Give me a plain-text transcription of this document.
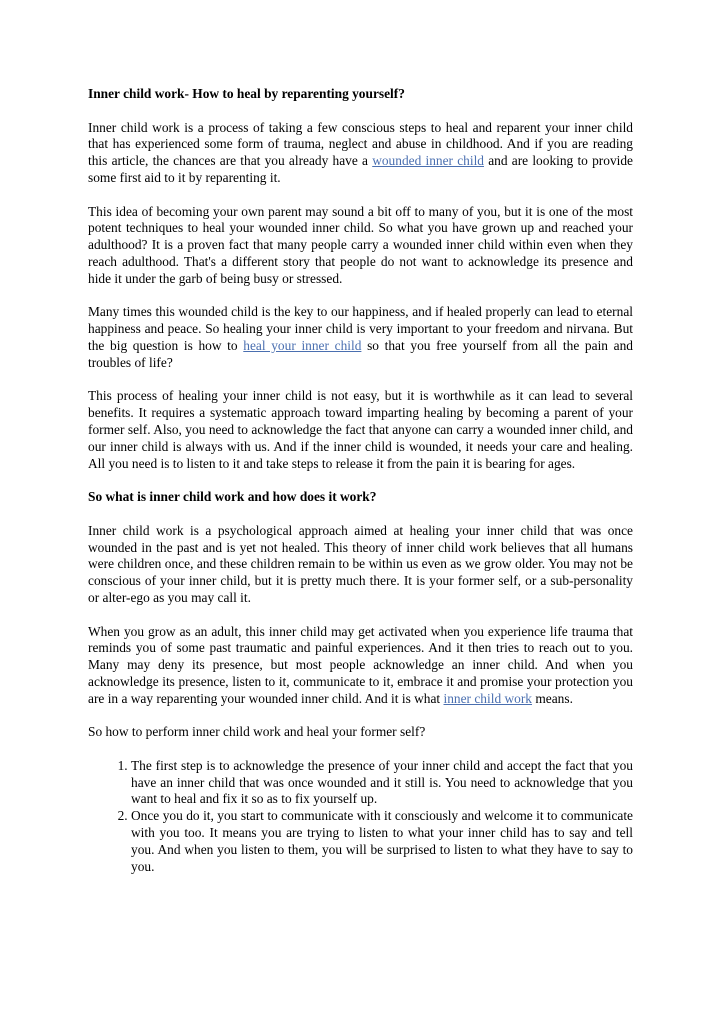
Inner child work- How to heal by reparenting yourself?

Inner child work is a process of taking a few conscious steps to heal and reparent your inner child that has experienced some form of trauma, neglect and abuse in childhood. And if you are reading this article, the chances are that you already have a wounded inner child and are looking to provide some first aid to it by reparenting it.

This idea of becoming your own parent may sound a bit off to many of you, but it is one of the most potent techniques to heal your wounded inner child. So what you have grown up and reached your adulthood? It is a proven fact that many people carry a wounded inner child within even when they reach adulthood. That's a different story that people do not want to acknowledge its presence and hide it under the garb of being busy or stressed.

Many times this wounded child is the key to our happiness, and if healed properly can lead to eternal happiness and peace. So healing your inner child is very important to your freedom and nirvana. But the big question is how to heal your inner child so that you free yourself from all the pain and troubles of life?

This process of healing your inner child is not easy, but it is worthwhile as it can lead to several benefits. It requires a systematic approach toward imparting healing by becoming a parent of your former self. Also, you need to acknowledge the fact that anyone can carry a wounded inner child, and our inner child is always with us. And if the inner child is wounded, it needs your care and healing. All you need is to listen to it and take steps to release it from the pain it is bearing for ages.

So what is inner child work and how does it work?

Inner child work is a psychological approach aimed at healing your inner child that was once wounded in the past and is yet not healed. This theory of inner child work believes that all humans were children once, and these children remain to be within us even as we grow older. You may not be conscious of your inner child, but it is pretty much there. It is your former self, or a sub-personality or alter-ego as you may call it.

When you grow as an adult, this inner child may get activated when you experience life trauma that reminds you of some past traumatic and painful experiences. And it then tries to reach out to you. Many may deny its presence, but most people acknowledge an inner child. And when you acknowledge its presence, listen to it, communicate to it, embrace it and promise your protection you are in a way reparenting your wounded inner child. And it is what inner child work means.

So how to perform inner child work and heal your former self?

1. The first step is to acknowledge the presence of your inner child and accept the fact that you have an inner child that was once wounded and it still is. You need to acknowledge that you want to heal and fix it so as to fix yourself up.
2. Once you do it, you start to communicate with it consciously and welcome it to communicate with you too. It means you are trying to listen to what your inner child has to say and tell you. And when you listen to them, you will be surprised to listen to what they have to say to you.
